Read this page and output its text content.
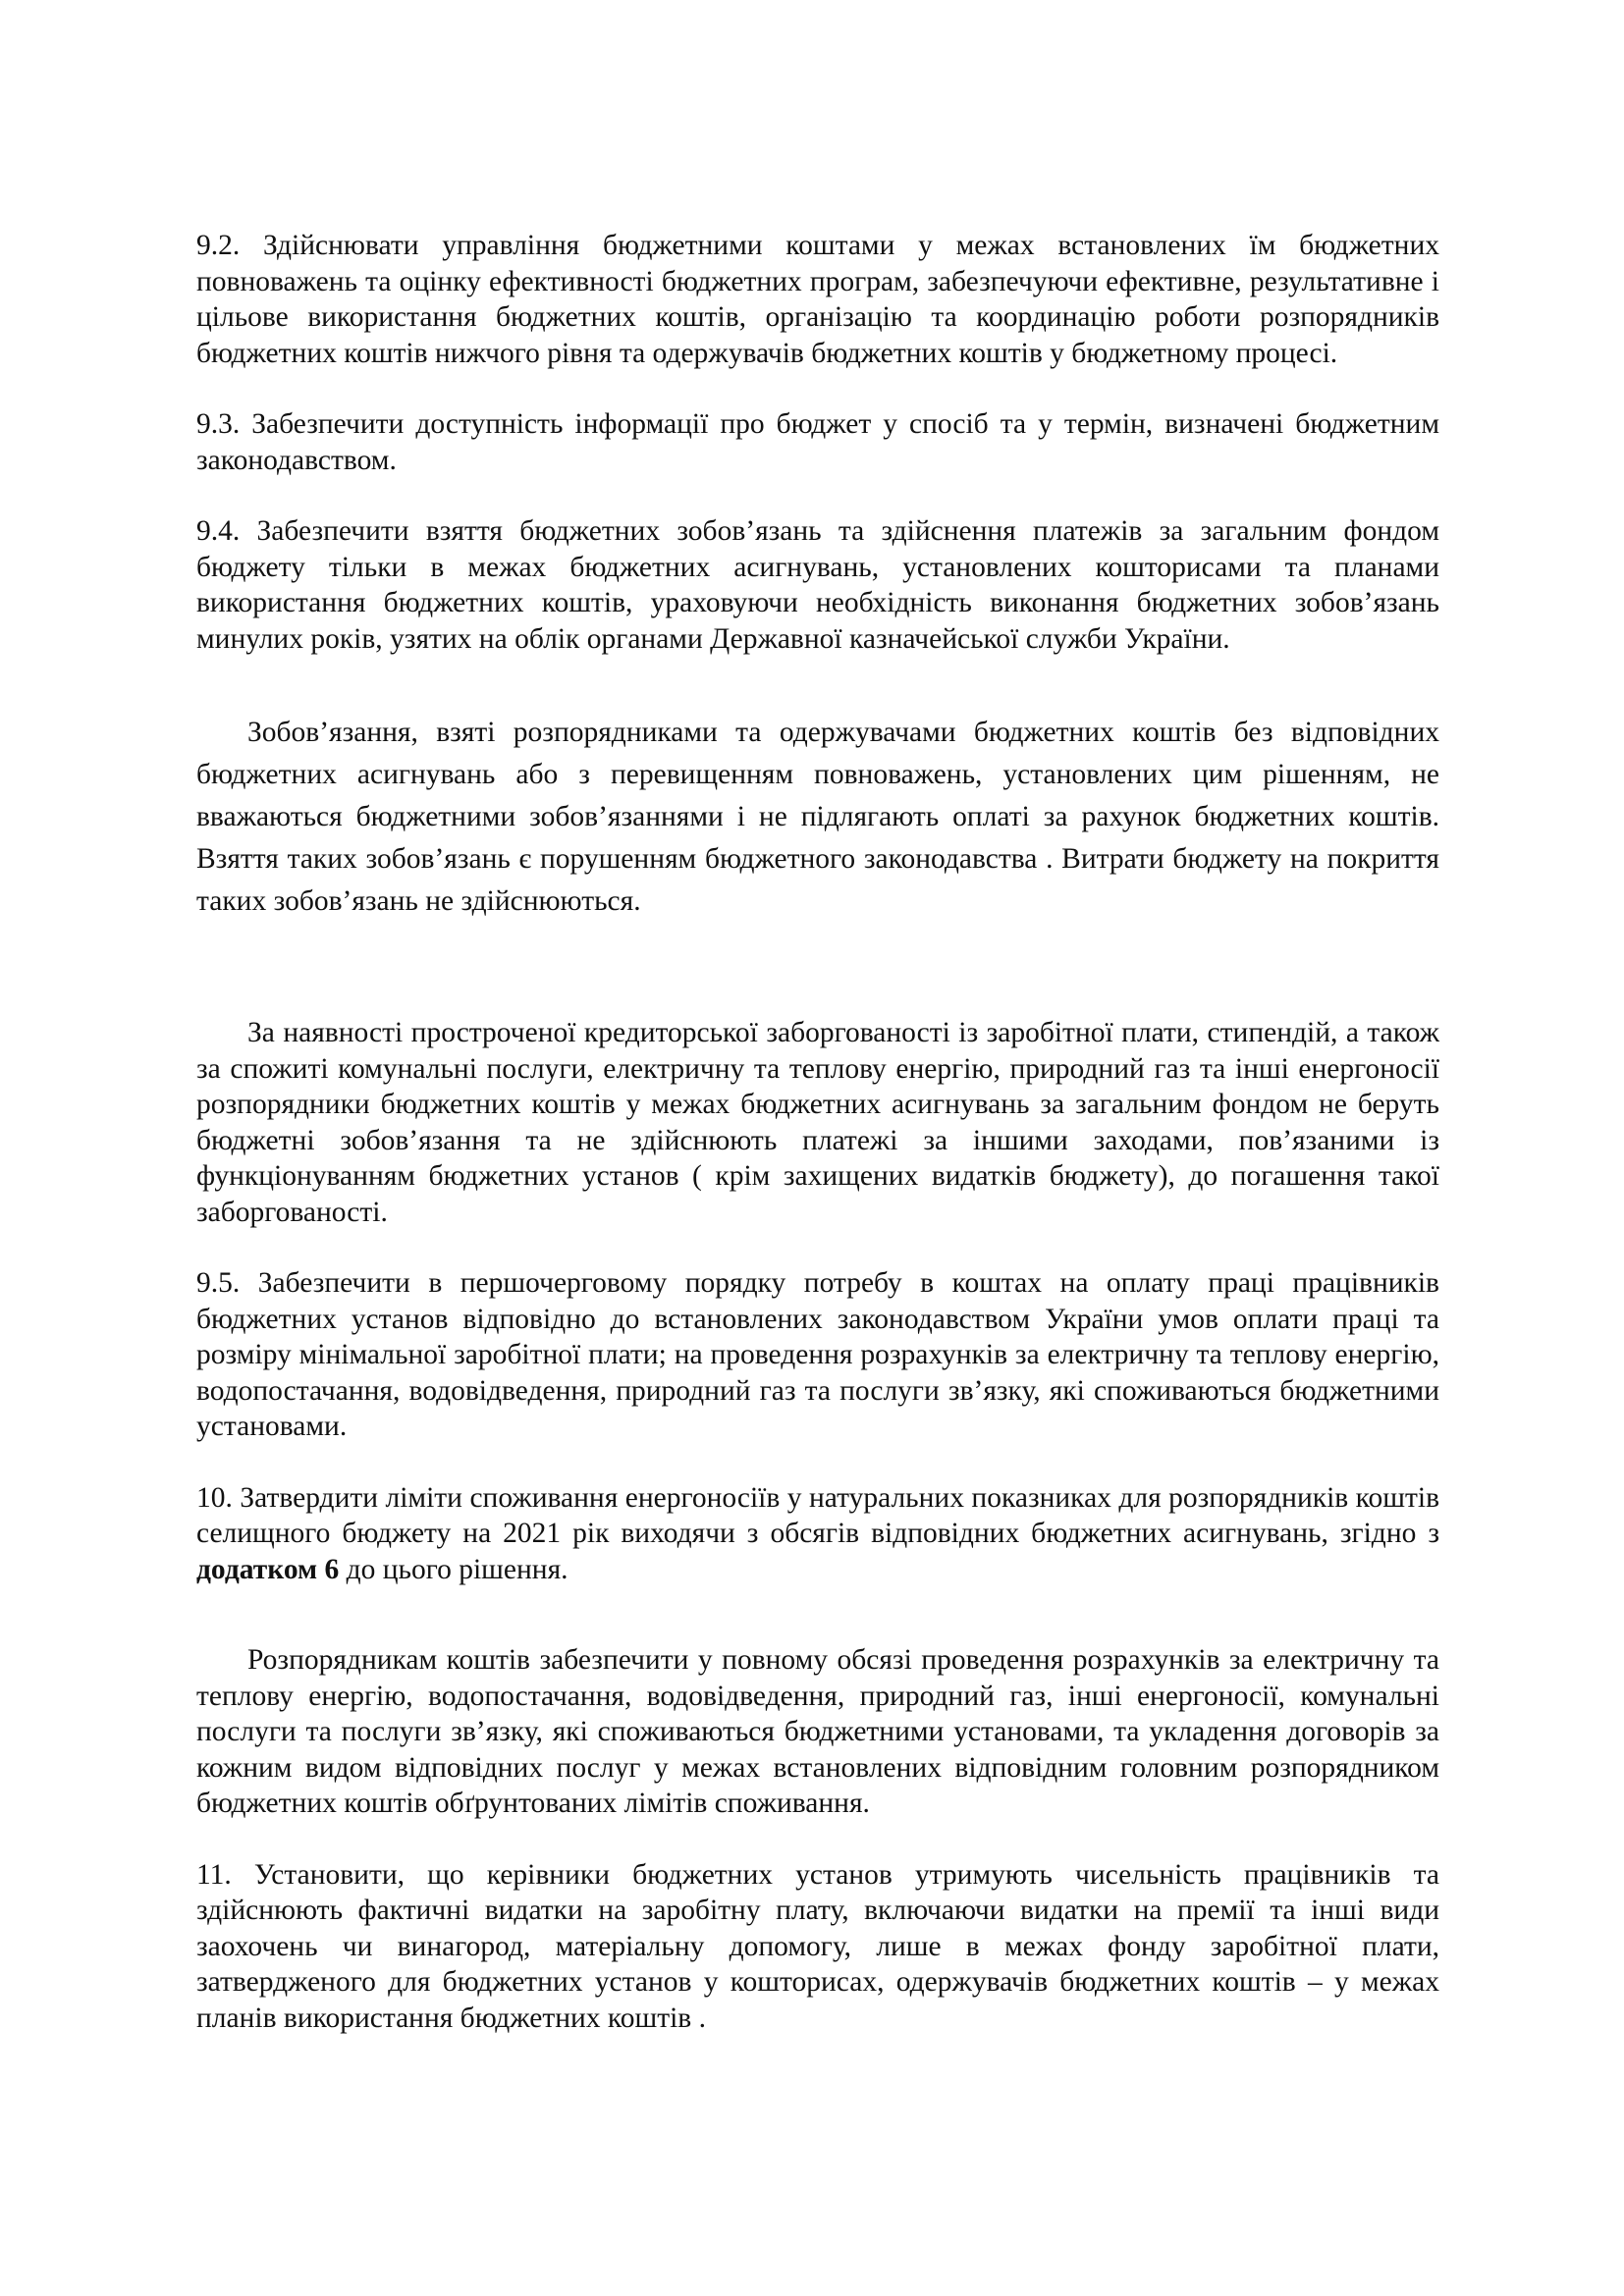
9.2. Здійснювати управління бюджетними коштами у межах встановлених їм бюджетних повноважень та оцінку ефективності бюджетних програм, забезпечуючи ефективне, результативне і цільове використання бюджетних коштів, організацію та координацію роботи розпорядників бюджетних коштів нижчого рівня та одержувачів бюджетних коштів у бюджетному процесі.

9.3. Забезпечити доступність інформації про бюджет у спосіб та у термін, визначені бюджетним законодавством.

9.4. Забезпечити взяття бюджетних зобов’язань та здійснення платежів за загальним фондом бюджету тільки в межах бюджетних асигнувань, установлених кошторисами та планами використання бюджетних коштів, ураховуючи необхідність виконання бюджетних зобов’язань минулих років, узятих на облік органами Державної казначейської служби України.

Зобов’язання, взяті розпорядниками та одержувачами бюджетних коштів без відповідних бюджетних асигнувань або з перевищенням повноважень, установлених цим рішенням, не вважаються бюджетними зобов’язаннями і не підлягають оплаті за рахунок бюджетних коштів. Взяття таких зобов’язань є порушенням бюджетного законодавства . Витрати бюджету на покриття таких зобов’язань не здійснюються.

За наявності простроченої кредиторської заборгованості із заробітної плати, стипендій, а також за спожиті комунальні послуги, електричну та теплову енергію, природний газ та інші енергоносії розпорядники бюджетних коштів у межах бюджетних асигнувань за загальним фондом не беруть бюджетні зобов’язання та не здійснюють платежі за іншими заходами, пов’язаними із функціонуванням бюджетних установ ( крім захищених видатків бюджету), до погашення такої заборгованості.

9.5. Забезпечити в першочерговому порядку потребу в коштах на оплату праці працівників бюджетних установ відповідно до встановлених законодавством України умов оплати праці та розміру мінімальної заробітної плати; на проведення розрахунків за електричну та теплову енергію, водопостачання, водовідведення, природний газ та послуги зв’язку, які споживаються бюджетними установами.

10. Затвердити ліміти споживання енергоносіїв у натуральних показниках для розпорядників коштів селищного бюджету на 2021 рік виходячи з обсягів відповідних бюджетних асигнувань, згідно з додатком 6 до цього рішення.

Розпорядникам коштів забезпечити у повному обсязі проведення розрахунків за електричну та теплову енергію, водопостачання, водовідведення, природний газ, інші енергоносії, комунальні послуги та послуги зв’язку, які споживаються бюджетними установами, та укладення договорів за кожним видом відповідних послуг у межах встановлених відповідним головним розпорядником бюджетних коштів обґрунтованих лімітів споживання.

11. Установити, що керівники бюджетних установ утримують чисельність працівників та здійснюють фактичні видатки на заробітну плату, включаючи видатки на премії та інші види заохочень чи винагород, матеріальну допомогу, лише в межах фонду заробітної плати, затвердженого для бюджетних установ у кошторисах, одержувачів бюджетних коштів – у межах планів використання бюджетних коштів .
